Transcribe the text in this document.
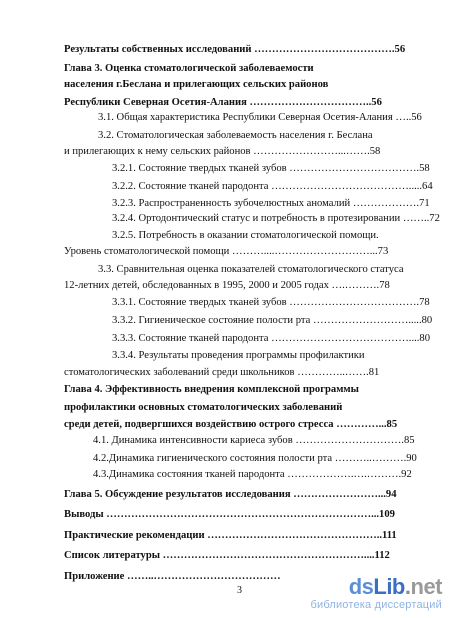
Результаты собственных исследований ………………………………….56
Глава 3. Оценка стоматологической заболеваемости
населения г.Беслана и прилегающих сельских районов
Республики Северная Осетия-Алания ……………………………..56
3.1. Общая характеристика Республики Северная Осетия-Алания …..56
3.2. Стоматологическая заболеваемость населения г. Беслана
и прилегающих к нему сельских районов ……………………...…….58
3.2.1. Состояние твердых тканей зубов ……………………………….58
3.2.2. Состояние тканей пародонта ………………………………….....64
3.2.3. Распространенность зубочелюстных аномалий ……………….71
3.2.4. Ортодонтический статус и потребность в протезировании ……..72
3.2.5. Потребность в оказании стоматологической помощи.
Уровень стоматологической помощи ………....………………………...73
3.3. Сравнительная оценка показателей стоматологического статуса
12-летних детей, обследованных в 1995, 2000 и 2005 годах ….……….78
3.3.1. Состояние твердых тканей зубов ……………………………….78
3.3.2. Гигиеническое состояние полости рта ……………………….....80
3.3.3. Состояние тканей пародонта …………………………………....80
3.3.4. Результаты проведения программы профилактики
стоматологических заболеваний среди школьников …………..…….81
Глава 4. Эффективность внедрения комплексной программы
профилактики основных стоматологических заболеваний
среди детей, подвергшихся воздействию острого стресса …………...85
4.1. Динамика интенсивности кариеса зубов ………………………….85
4.2.Динамика гигиенического состояния полости рта ………..……….90
4.3.Динамика состояния тканей пародонта ……………….….……….92
Глава 5. Обсуждение результатов исследования ……………………...94
Выводы …………………………………………………………………...109
Практические рекомендации …………………………………………..111
Список литературы …………………………………………………....112
Приложение ……..………………………………
3	dsLib.net
библиотека диссертаций
